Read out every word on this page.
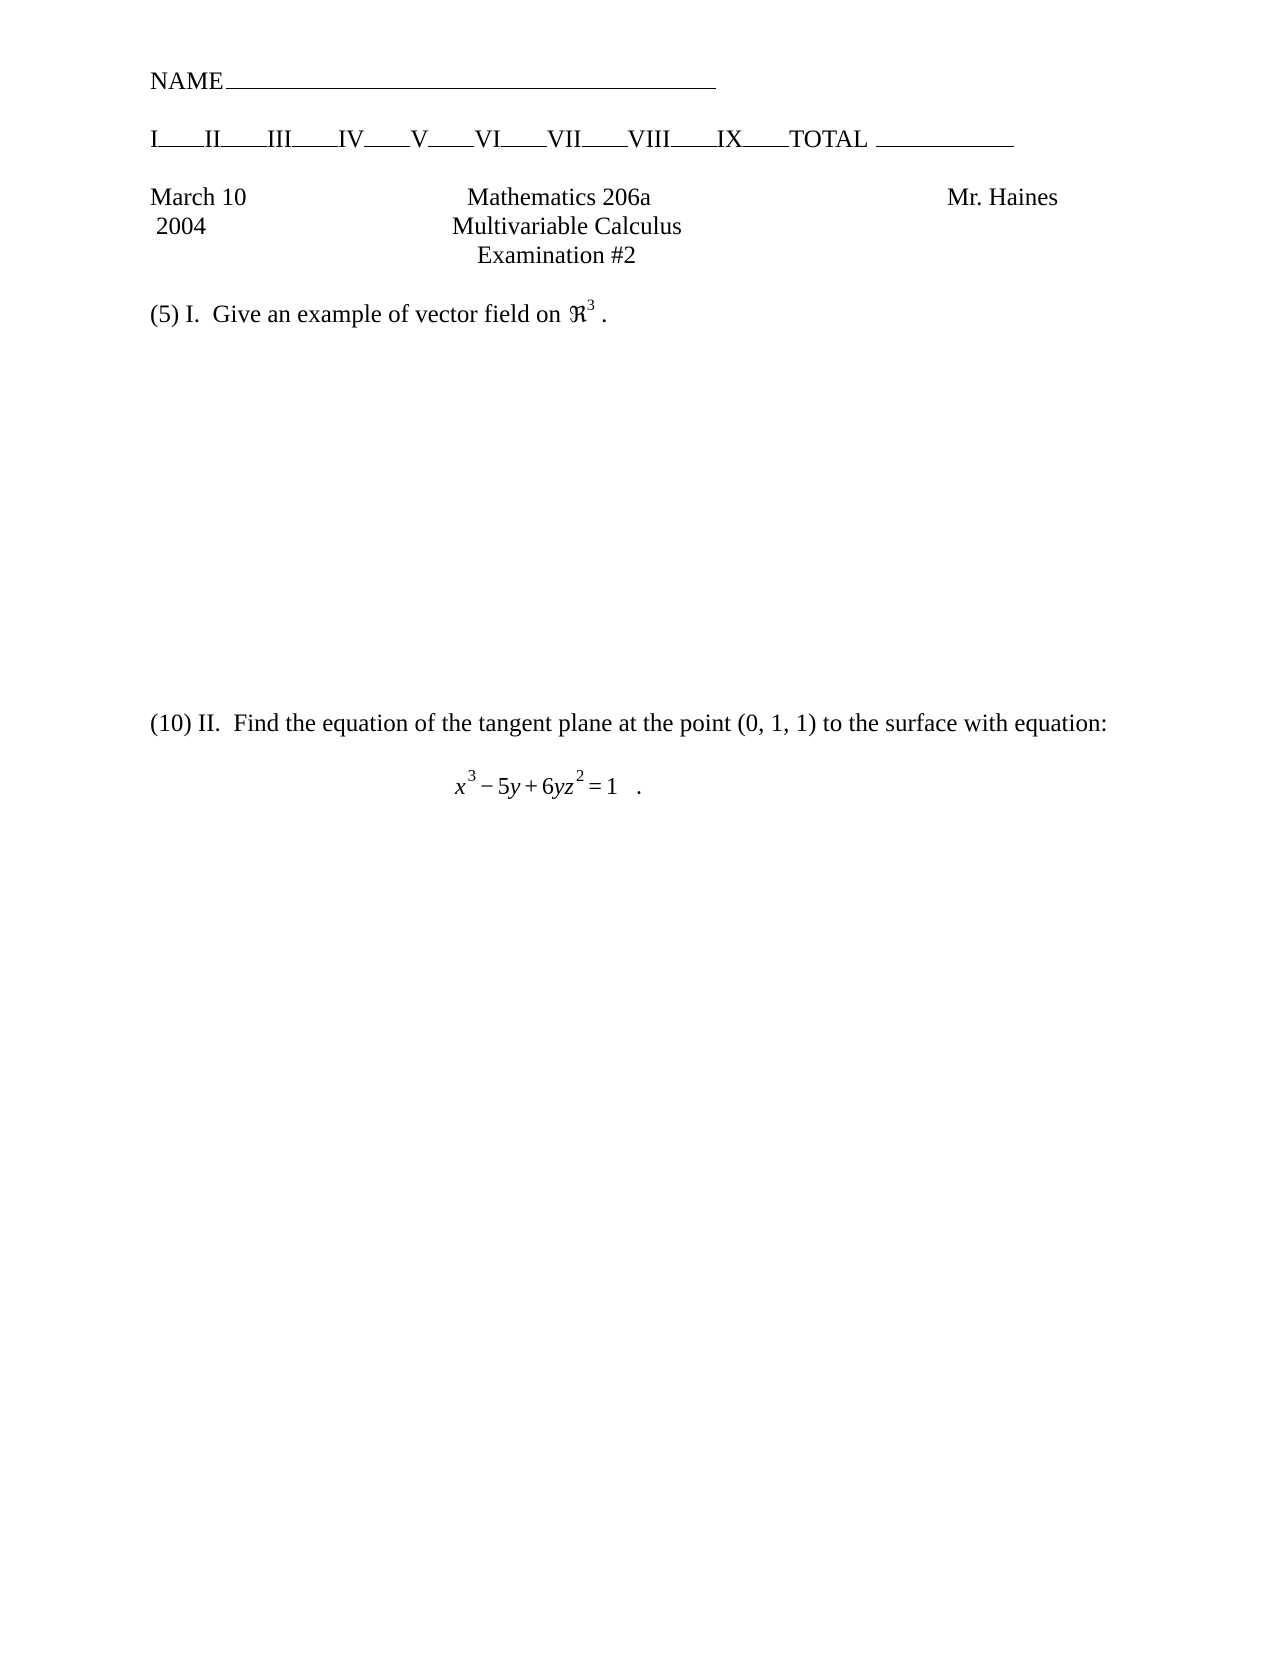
NAME
I II III IV V VI VII VIII IX TOTAL
March 10
2004
Mathematics 206a
Multivariable Calculus
Examination #2
Mr. Haines
(5) I. Give an example of vector field on ℜ$^3$ .
(10) II. Find the equation of the tangent plane at the point (0, 1, 1) to the surface with equation:
x $^3$ − 5y + 6yz $^2$ = 1 .
